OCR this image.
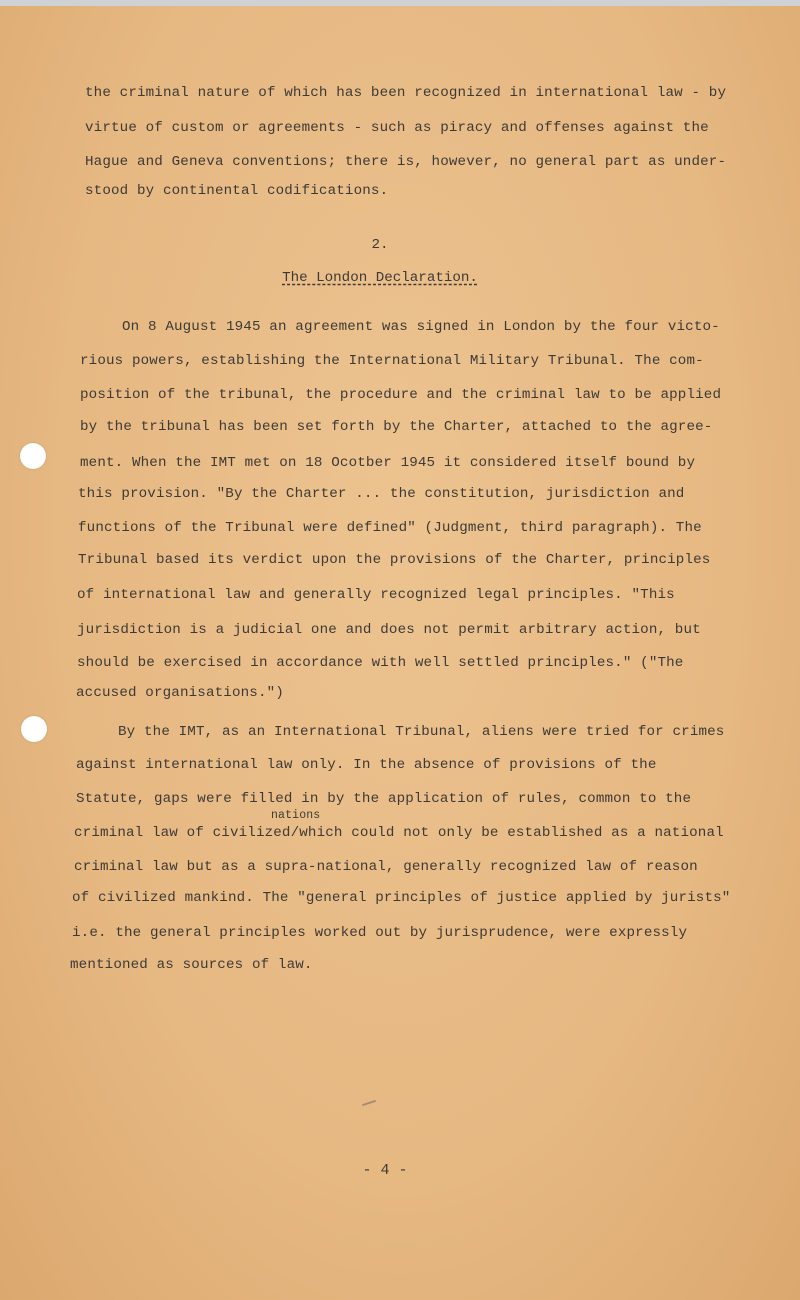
the criminal nature of which has been recognized in international law - by
virtue of custom or agreements - such as piracy and offenses against the
Hague and Geneva conventions; there is, however, no general part as under-
stood by continental codifications.
2.
The London Declaration.
On 8 August 1945 an agreement was signed in London by the four victo-
rious powers, establishing the International Military Tribunal. The com-
position of the tribunal, the procedure and the criminal law to be applied
by the tribunal has been set forth by the Charter, attached to the agree-
ment. When the IMT met on 18 Ocotber 1945 it considered itself bound by
this provision. "By the Charter ... the constitution, jurisdiction and
functions of the Tribunal were defined" (Judgment, third paragraph). The
Tribunal based its verdict upon the provisions of the Charter, principles
of international law and generally recognized legal principles. "This
jurisdiction is a judicial one and does not permit arbitrary action, but
should be exercised in accordance with well settled principles." ("The
accused organisations.")
By the IMT, as an International Tribunal, aliens were tried for crimes
against international law only. In the absence of provisions of the
Statute, gaps were filled in by the application of rules, common to the
nations
criminal law of civilized/which could not only be established as a national
criminal law but as a supra-national, generally recognized law of reason
of civilized mankind. The "general principles of justice applied by jurists"
i.e. the general principles worked out by jurisprudence, were expressly
mentioned as sources of law.
- 4 -
